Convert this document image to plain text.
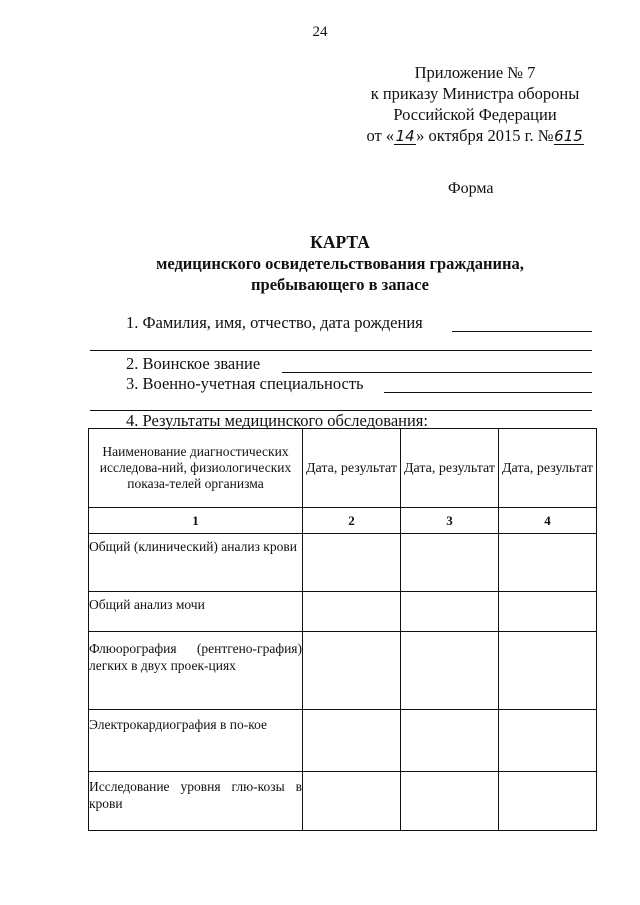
24
Приложение № 7
к приказу Министра обороны
Российской Федерации
от «14» октября 2015 г. №615
Форма
КАРТА
медицинского освидетельствования гражданина,
пребывающего в запасе
1. Фамилия, имя, отчество, дата рождения
2. Воинское звание
3. Военно-учетная специальность
4. Результаты медицинского обследования:
Наименование диагностических исследова-ний, физиологических показа-телей организма	Дата, результат	Дата, результат	Дата, результат
1	2	3	4

Общий (клинический) анализ крови			

Общий анализ мочи			

Флюорография (рентгено-графия) легких в двух проек-циях			

Электрокардиография в по-кое			

Исследование уровня глю-козы в крови			
